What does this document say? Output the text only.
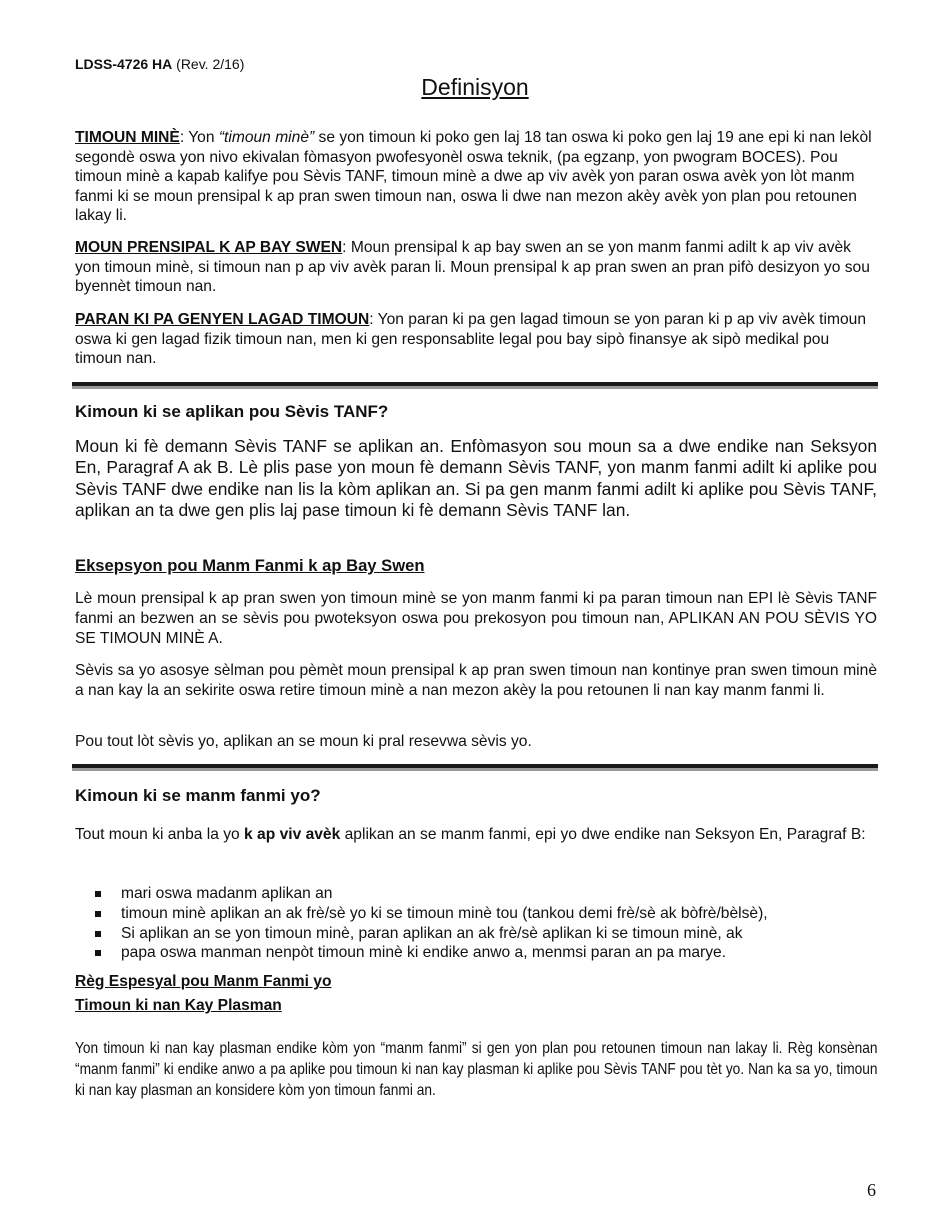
LDSS-4726 HA (Rev. 2/16)
Definisyon

TIMOUN MINÈ: Yon “timoun minè” se yon timoun ki poko gen laj 18 tan oswa ki poko gen laj 19 ane epi ki nan lekòl segondè oswa yon nivo ekivalan fòmasyon pwofesyonèl oswa teknik, (pa egzanp, yon pwogram BOCES). Pou timoun minè a kapab kalifye pou Sèvis TANF, timoun minè a dwe ap viv avèk yon paran oswa avèk yon lòt manm fanmi ki se moun prensipal k ap pran swen timoun nan, oswa li dwe nan mezon akèy avèk yon plan pou retounen lakay li.

MOUN PRENSIPAL K AP BAY SWEN: Moun prensipal k ap bay swen an se yon manm fanmi adilt k ap viv avèk yon timoun minè, si timoun nan p ap viv avèk paran li. Moun prensipal k ap pran swen an pran pifò desizyon yo sou byennèt timoun nan.

PARAN KI PA GENYEN LAGAD TIMOUN: Yon paran ki pa gen lagad timoun se yon paran ki p ap viv avèk timoun oswa ki gen lagad fizik timoun nan, men ki gen responsablite legal pou bay sipò finansye ak sipò medikal pou timoun nan.

Kimoun ki se aplikan pou Sèvis TANF?

Moun ki fè demann Sèvis TANF se aplikan an. Enfòmasyon sou moun sa a dwe endike nan Seksyon En, Paragraf A ak B. Lè plis pase yon moun fè demann Sèvis TANF, yon manm fanmi adilt ki aplike pou Sèvis TANF dwe endike nan lis la kòm aplikan an. Si pa gen manm fanmi adilt ki aplike pou Sèvis TANF, aplikan an ta dwe gen plis laj pase timoun ki fè demann Sèvis TANF lan.

Eksepsyon pou Manm Fanmi k ap Bay Swen

Lè moun prensipal k ap pran swen yon timoun minè se yon manm fanmi ki pa paran timoun nan EPI lè Sèvis TANF fanmi an bezwen an se sèvis pou pwoteksyon oswa pou prekosyon pou timoun nan, APLIKAN AN POU SÈVIS YO SE TIMOUN MINÈ A.

Sèvis sa yo asosye sèlman pou pèmèt moun prensipal k ap pran swen timoun nan kontinye pran swen timoun minè a nan kay la an sekirite oswa retire timoun minè a nan mezon akèy la pou retounen li nan kay manm fanmi li.

Pou tout lòt sèvis yo, aplikan an se moun ki pral resevwa sèvis yo.

Kimoun ki se manm fanmi yo?

Tout moun ki anba la yo k ap viv avèk aplikan an se manm fanmi, epi yo dwe endike nan Seksyon En, Paragraf B:

mari oswa madanm aplikan an
timoun minè aplikan an ak frè/sè yo ki se timoun minè tou (tankou demi frè/sè ak bòfrè/bèlsè),
Si aplikan an se yon timoun minè, paran aplikan an ak frè/sè aplikan ki se timoun minè, ak
papa oswa manman nenpòt timoun minè ki endike anwo a, menmsi paran an pa marye.
Règ Espesyal pou Manm Fanmi yo
Timoun ki nan Kay Plasman

Yon timoun ki nan kay plasman endike kòm yon “manm fanmi” si gen yon plan pou retounen timoun nan lakay li. Règ konsènan “manm fanmi” ki endike anwo a pa aplike pou timoun ki nan kay plasman ki aplike pou Sèvis TANF pou tèt yo. Nan ka sa yo, timoun ki nan kay plasman an konsidere kòm yon timoun fanmi an.

6
